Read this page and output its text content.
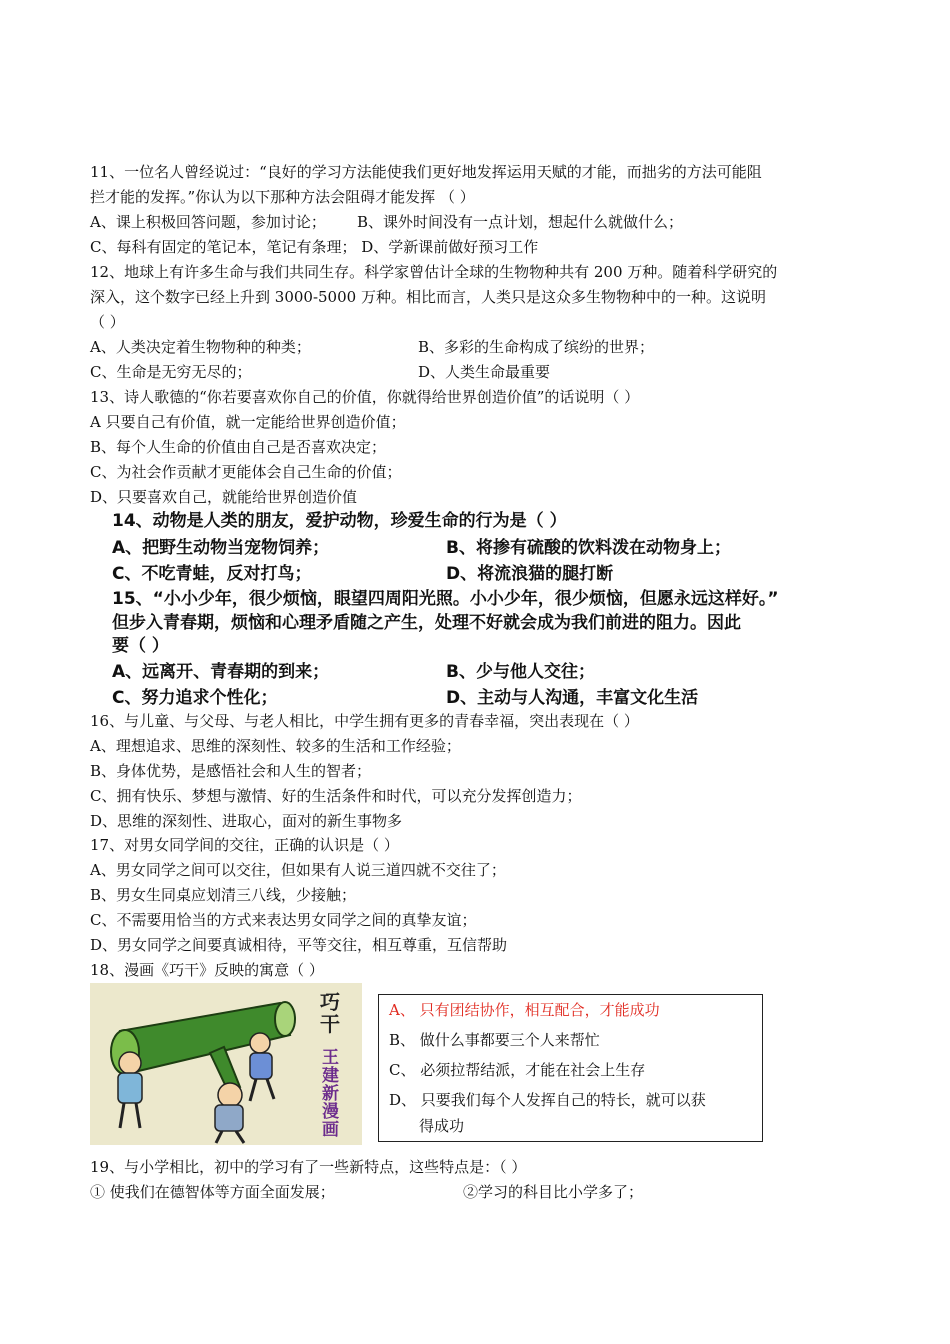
11、一位名人曾经说过：“良好的学习方法能使我们更好地发挥运用天赋的才能，而拙劣的方法可能阻
拦才能的发挥。”你认为以下那种方法会阻碍才能发挥 （ ）
A、课上积极回答问题，参加讨论； B、课外时间没有一点计划，想起什么就做什么；
C、每科有固定的笔记本，笔记有条理； D、学新课前做好预习工作
12、地球上有许多生命与我们共同生存。科学家曾估计全球的生物物种共有 200 万种。随着科学研究的
深入，这个数字已经上升到 3000-5000 万种。相比而言，人类只是这众多生物物种中的一种。这说明
（ ）
A、人类决定着生物物种的种类；	B、多彩的生命构成了缤纷的世界；
C、生命是无穷无尽的；	D、人类生命最重要
13、诗人歌德的“你若要喜欢你自己的价值，你就得给世界创造价值”的话说明（ ）
A 只要自己有价值，就一定能给世界创造价值；
B、每个人生命的价值由自己是否喜欢决定；
C、为社会作贡献才更能体会自己生命的价值；
D、只要喜欢自己，就能给世界创造价值
14、动物是人类的朋友，爱护动物，珍爱生命的行为是（ ）
A、把野生动物当宠物饲养；	B、将掺有硫酸的饮料泼在动物身上；
C、不吃青蛙，反对打鸟；	D、将流浪猫的腿打断
15、“小小少年，很少烦恼，眼望四周阳光照。小小少年，很少烦恼，但愿永远这样好。”
但步入青春期，烦恼和心理矛盾随之产生，处理不好就会成为我们前进的阻力。因此
要（ ）
A、远离开、青春期的到来；	B、少与他人交往；
C、努力追求个性化；	D、主动与人沟通，丰富文化生活
16、与儿童、与父母、与老人相比，中学生拥有更多的青春幸福，突出表现在（ ）
A、理想追求、思维的深刻性、较多的生活和工作经验；
B、身体优势，是感悟社会和人生的智者；
C、拥有快乐、梦想与激情、好的生活条件和时代，可以充分发挥创造力；
D、思维的深刻性、进取心，面对的新生事物多
17、对男女同学间的交往，正确的认识是（ ）
A、男女同学之间可以交往，但如果有人说三道四就不交往了；
B、男女生同桌应划清三八线，少接触；
C、不需要用恰当的方式来表达男女同学之间的真挚友谊；
D、男女同学之间要真诚相待，平等交往，相互尊重，互信帮助
18、漫画《巧干》反映的寓意（ ）
巧干
王建新漫画
A、 只有团结协作，相互配合，才能成功
B、 做什么事都要三个人来帮忙
C、 必须拉帮结派，才能在社会上生存
D、 只要我们每个人发挥自己的特长，就可以获
得成功
19、与小学相比，初中的学习有了一些新特点，这些特点是：（ ）
① 使我们在德智体等方面全面发展；	②学习的科目比小学多了；
